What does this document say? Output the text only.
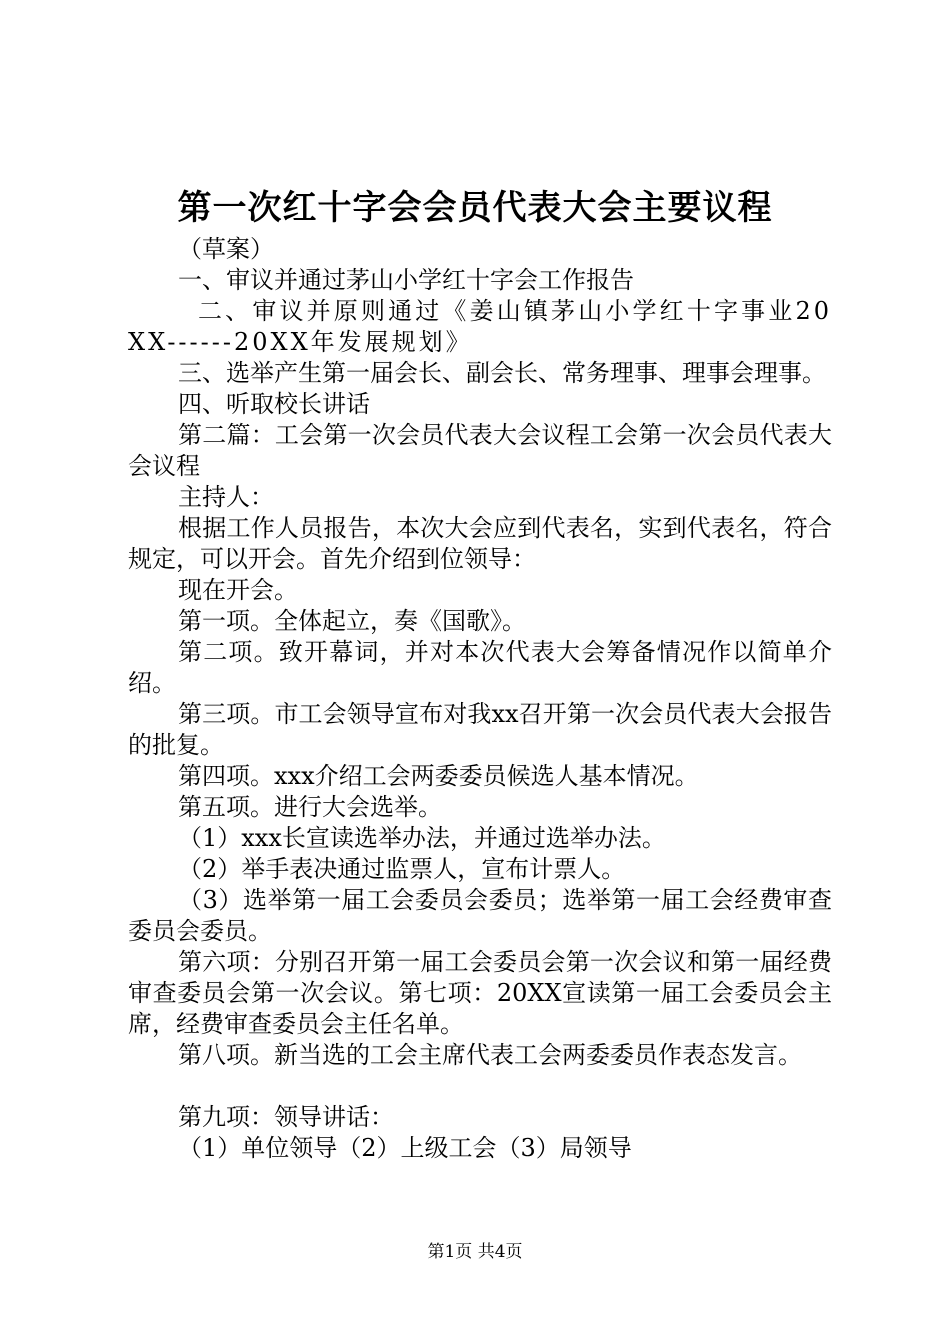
第一次红十字会会员代表大会主要议程

（草案）

一、审议并通过茅山小学红十字会工作报告

二、审议并原则通过《姜山镇茅山小学红十字事业20XX------20XX年发展规划》

三、选举产生第一届会长、副会长、常务理事、理事会理事。

四、听取校长讲话

第二篇：工会第一次会员代表大会议程工会第一次会员代表大会议程

主持人：

根据工作人员报告，本次大会应到代表名，实到代表名，符合规定，可以开会。首先介绍到位领导：

现在开会。

第一项。全体起立，奏《国歌》。

第二项。致开幕词，并对本次代表大会筹备情况作以简单介绍。

第三项。市工会领导宣布对我xx召开第一次会员代表大会报告的批复。

第四项。xxx介绍工会两委委员候选人基本情况。

第五项。进行大会选举。

（1）xxx长宣读选举办法，并通过选举办法。

（2）举手表决通过监票人，宣布计票人。

（3）选举第一届工会委员会委员；选举第一届工会经费审查委员会委员。

第六项：分别召开第一届工会委员会第一次会议和第一届经费审查委员会第一次会议。第七项：20XX宣读第一届工会委员会主席，经费审查委员会主任名单。

第八项。新当选的工会主席代表工会两委委员作表态发言。

第九项：领导讲话：

（1）单位领导（2）上级工会（3）局领导

第1页 共4页
